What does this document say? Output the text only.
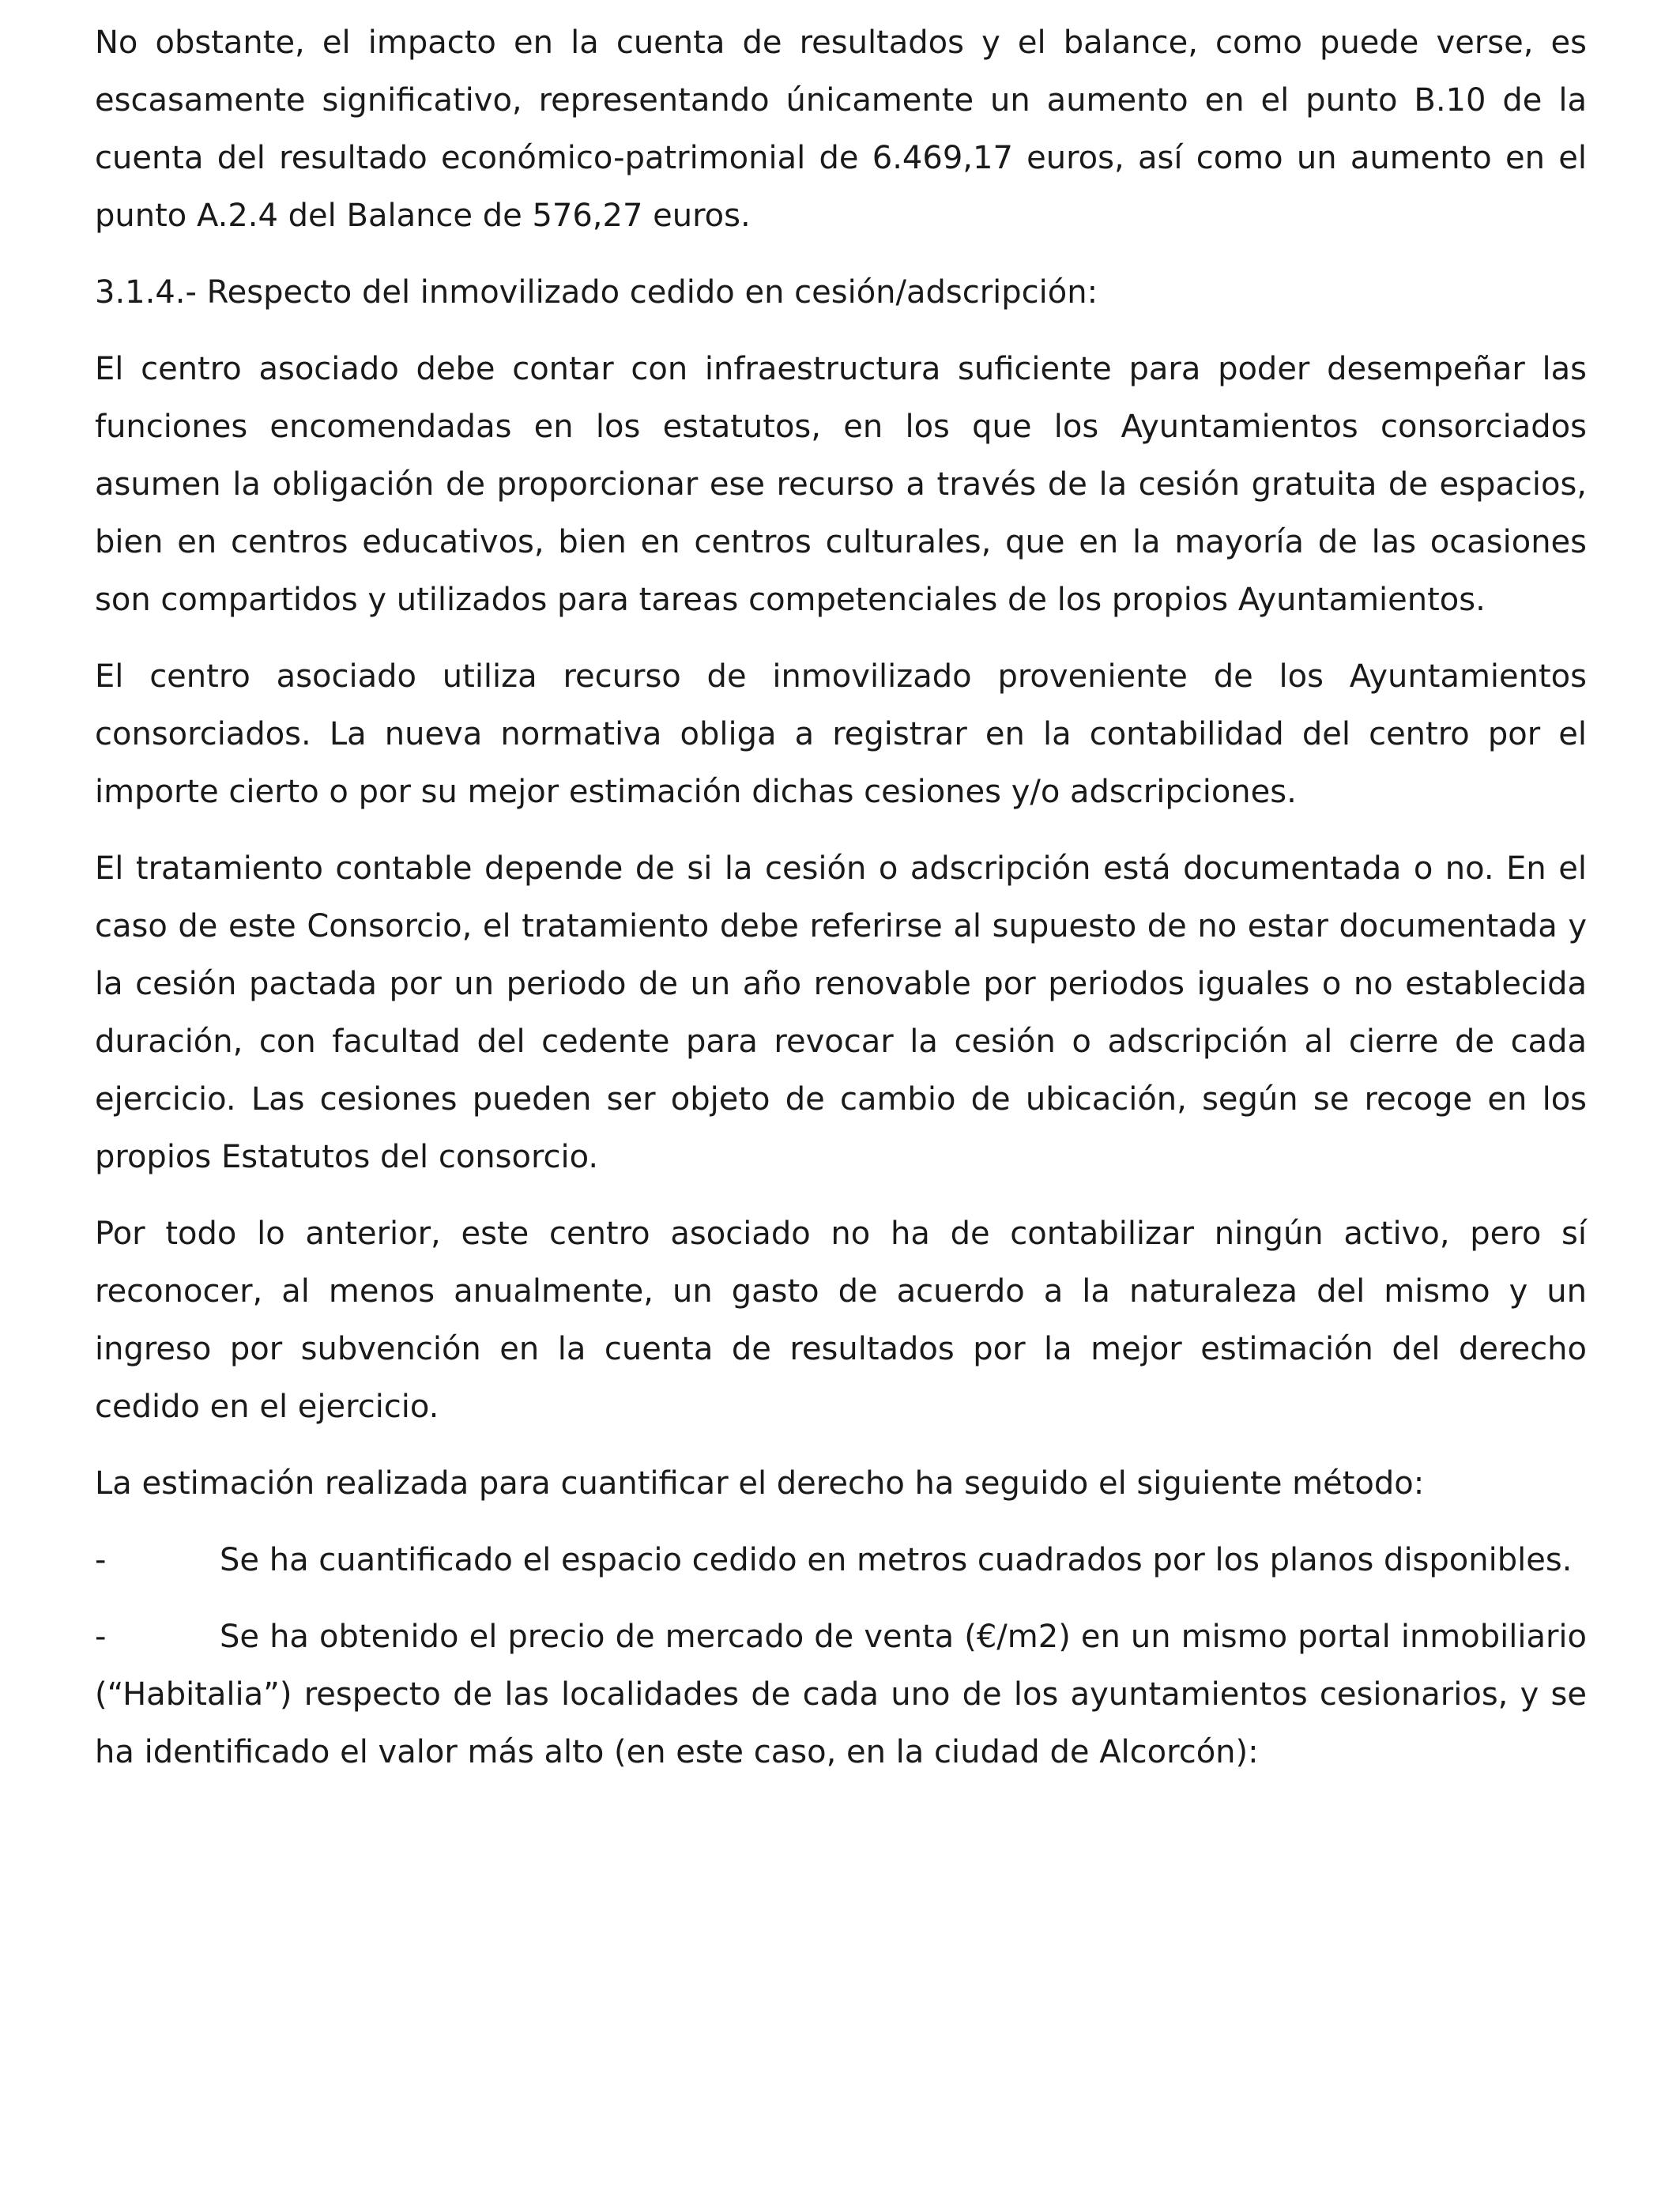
No obstante, el impacto en la cuenta de resultados y el balance, como puede verse, es escasamente significativo, representando únicamente un aumento en el punto B.10 de la cuenta del resultado económico-patrimonial de 6.469,17 euros, así como un aumento en el punto A.2.4 del Balance de 576,27 euros.

3.1.4.- Respecto del inmovilizado cedido en cesión/adscripción:

El centro asociado debe contar con infraestructura suficiente para poder desempeñar las funciones encomendadas en los estatutos, en los que los Ayuntamientos consorciados asumen la obligación de proporcionar ese recurso a través de la cesión gratuita de espacios, bien en centros educativos, bien en centros culturales, que en la mayoría de las ocasiones son compartidos y utilizados para tareas competenciales de los propios Ayuntamientos.

El centro asociado utiliza recurso de inmovilizado proveniente de los Ayuntamientos consorciados. La nueva normativa obliga a registrar en la contabilidad del centro por el importe cierto o por su mejor estimación dichas cesiones y/o adscripciones.

El tratamiento contable depende de si la cesión o adscripción está documentada o no. En el caso de este Consorcio, el tratamiento debe referirse al supuesto de no estar documentada y la cesión pactada por un periodo de un año renovable por periodos iguales o no establecida duración, con facultad del cedente para revocar la cesión o adscripción al cierre de cada ejercicio. Las cesiones pueden ser objeto de cambio de ubicación, según se recoge en los propios Estatutos del consorcio.

Por todo lo anterior, este centro asociado no ha de contabilizar ningún activo, pero sí reconocer, al menos anualmente, un gasto de acuerdo a la naturaleza del mismo y un ingreso por subvención en la cuenta de resultados por la mejor estimación del derecho cedido en el ejercicio.

La estimación realizada para cuantificar el derecho ha seguido el siguiente método:

-	Se ha cuantificado el espacio cedido en metros cuadrados por los planos disponibles.

-	Se ha obtenido el precio de mercado de venta (€/m2) en un mismo portal inmobiliario (“Habitalia”) respecto de las localidades de cada uno de los ayuntamientos cesionarios, y se ha identificado el valor más alto (en este caso, en la ciudad de Alcorcón):
